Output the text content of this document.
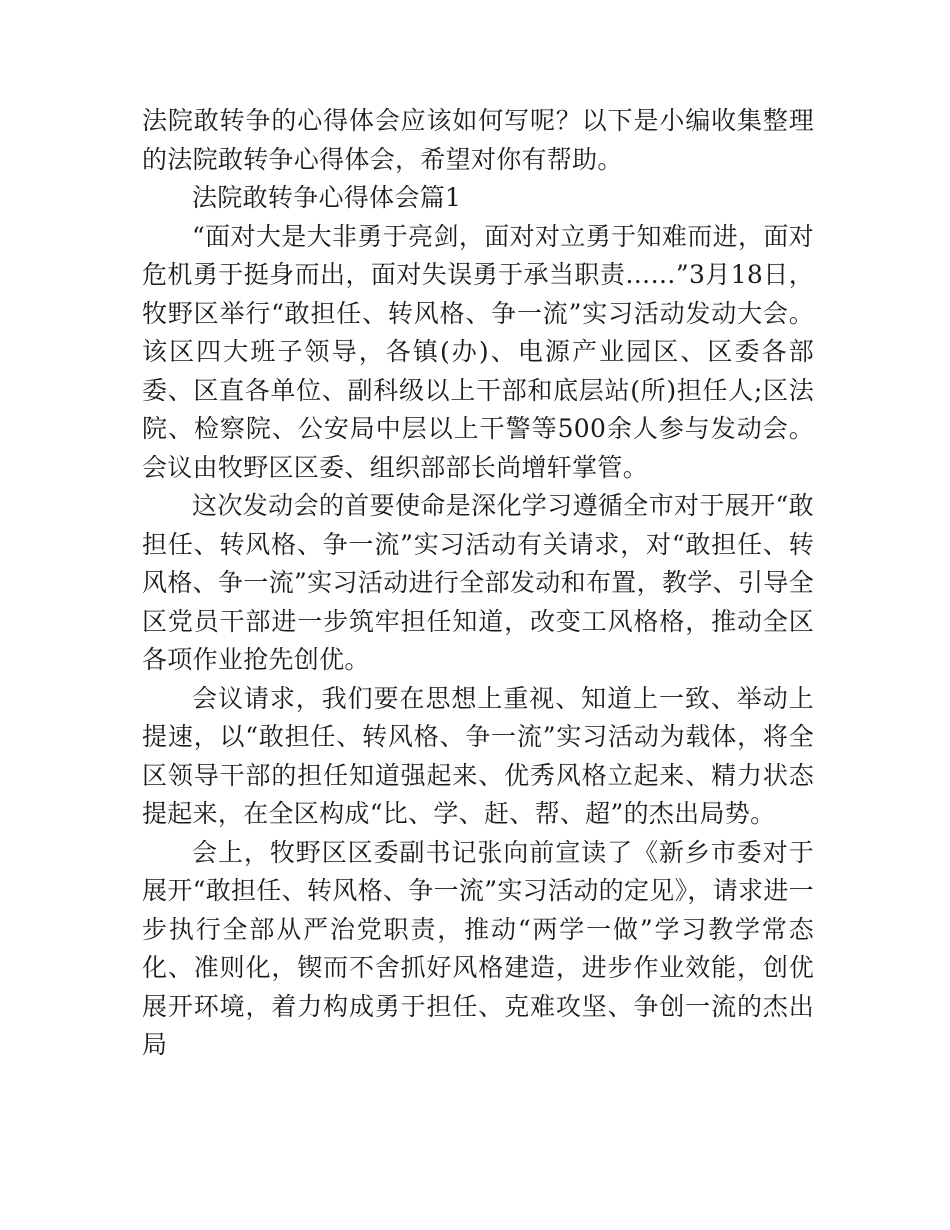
法院敢转争的心得体会应该如何写呢？以下是小编收集整理的法院敢转争心得体会，希望对你有帮助。

法院敢转争心得体会篇1

“面对大是大非勇于亮剑，面对对立勇于知难而进，面对危机勇于挺身而出，面对失误勇于承当职责……”3月18日，牧野区举行“敢担任、转风格、争一流”实习活动发动大会。该区四大班子领导，各镇(办)、电源产业园区、区委各部委、区直各单位、副科级以上干部和底层站(所)担任人;区法院、检察院、公安局中层以上干警等500余人参与发动会。会议由牧野区区委、组织部部长尚增轩掌管。

这次发动会的首要使命是深化学习遵循全市对于展开“敢担任、转风格、争一流”实习活动有关请求，对“敢担任、转风格、争一流”实习活动进行全部发动和布置，教学、引导全区党员干部进一步筑牢担任知道，改变工风格格，推动全区各项作业抢先创优。

会议请求，我们要在思想上重视、知道上一致、举动上提速，以“敢担任、转风格、争一流”实习活动为载体，将全区领导干部的担任知道强起来、优秀风格立起来、精力状态提起来，在全区构成“比、学、赶、帮、超”的杰出局势。

会上，牧野区区委副书记张向前宣读了《新乡市委对于展开“敢担任、转风格、争一流”实习活动的定见》，请求进一步执行全部从严治党职责，推动“两学一做”学习教学常态化、准则化，锲而不舍抓好风格建造，进步作业效能，创优展开环境，着力构成勇于担任、克难攻坚、争创一流的杰出局
